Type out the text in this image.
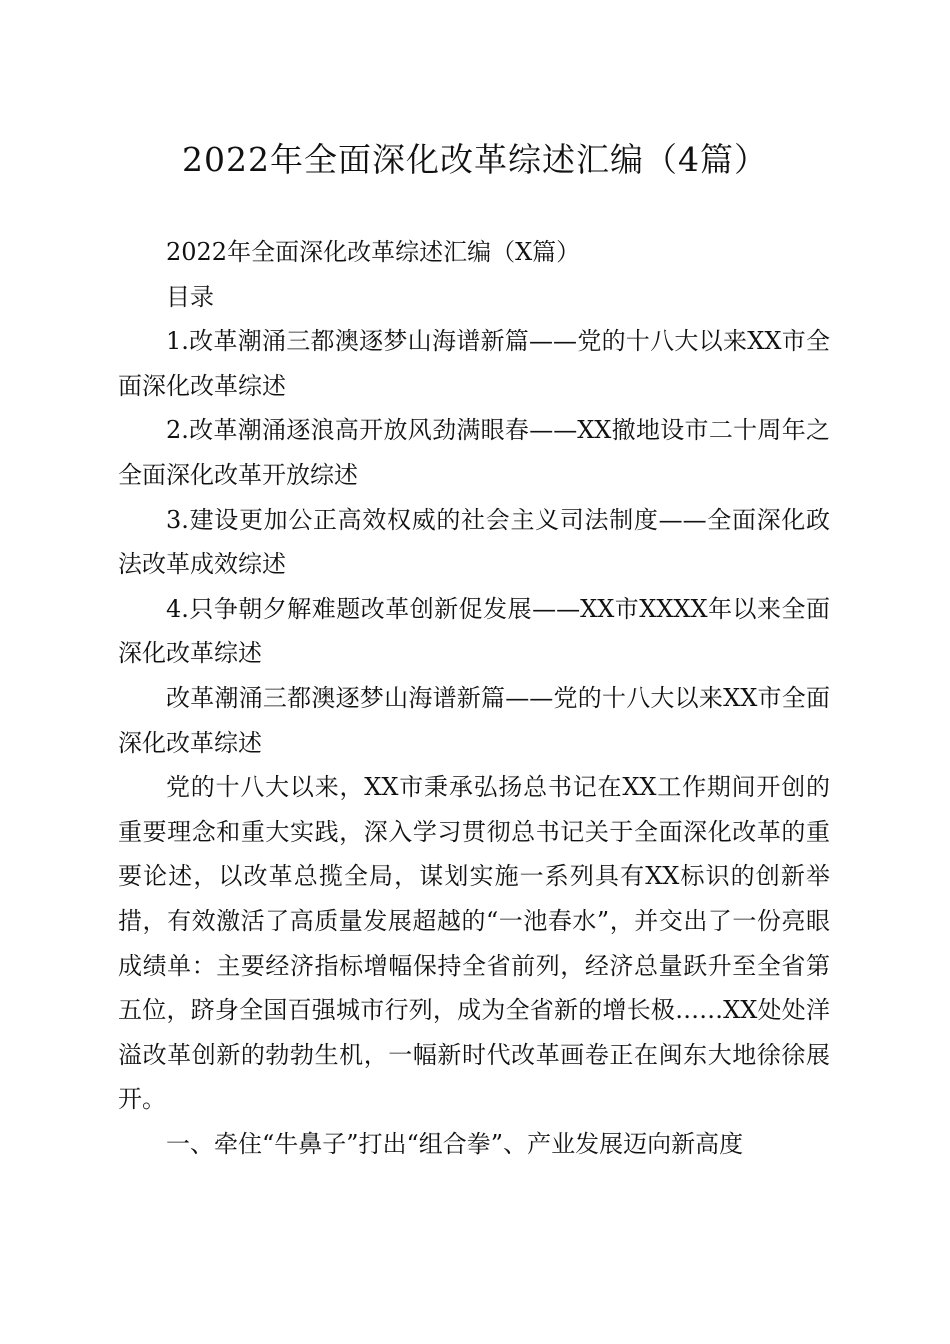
2022年全面深化改革综述汇编（4篇）

2022年全面深化改革综述汇编（X篇）

目录

1.改革潮涌三都澳逐梦山海谱新篇——党的十八大以来XX市全面深化改革综述

2.改革潮涌逐浪高开放风劲满眼春——XX撤地设市二十周年之全面深化改革开放综述

3.建设更加公正高效权威的社会主义司法制度——全面深化政法改革成效综述

4.只争朝夕解难题改革创新促发展——XX市XXXX年以来全面深化改革综述

改革潮涌三都澳逐梦山海谱新篇——党的十八大以来XX市全面深化改革综述

党的十八大以来，XX市秉承弘扬总书记在XX工作期间开创的重要理念和重大实践，深入学习贯彻总书记关于全面深化改革的重要论述，以改革总揽全局，谋划实施一系列具有XX标识的创新举措，有效激活了高质量发展超越的“一池春水”，并交出了一份亮眼成绩单：主要经济指标增幅保持全省前列，经济总量跃升至全省第五位，跻身全国百强城市行列，成为全省新的增长极……XX处处洋溢改革创新的勃勃生机，一幅新时代改革画卷正在闽东大地徐徐展开。

一、牵住“牛鼻子”打出“组合拳”、产业发展迈向新高度
